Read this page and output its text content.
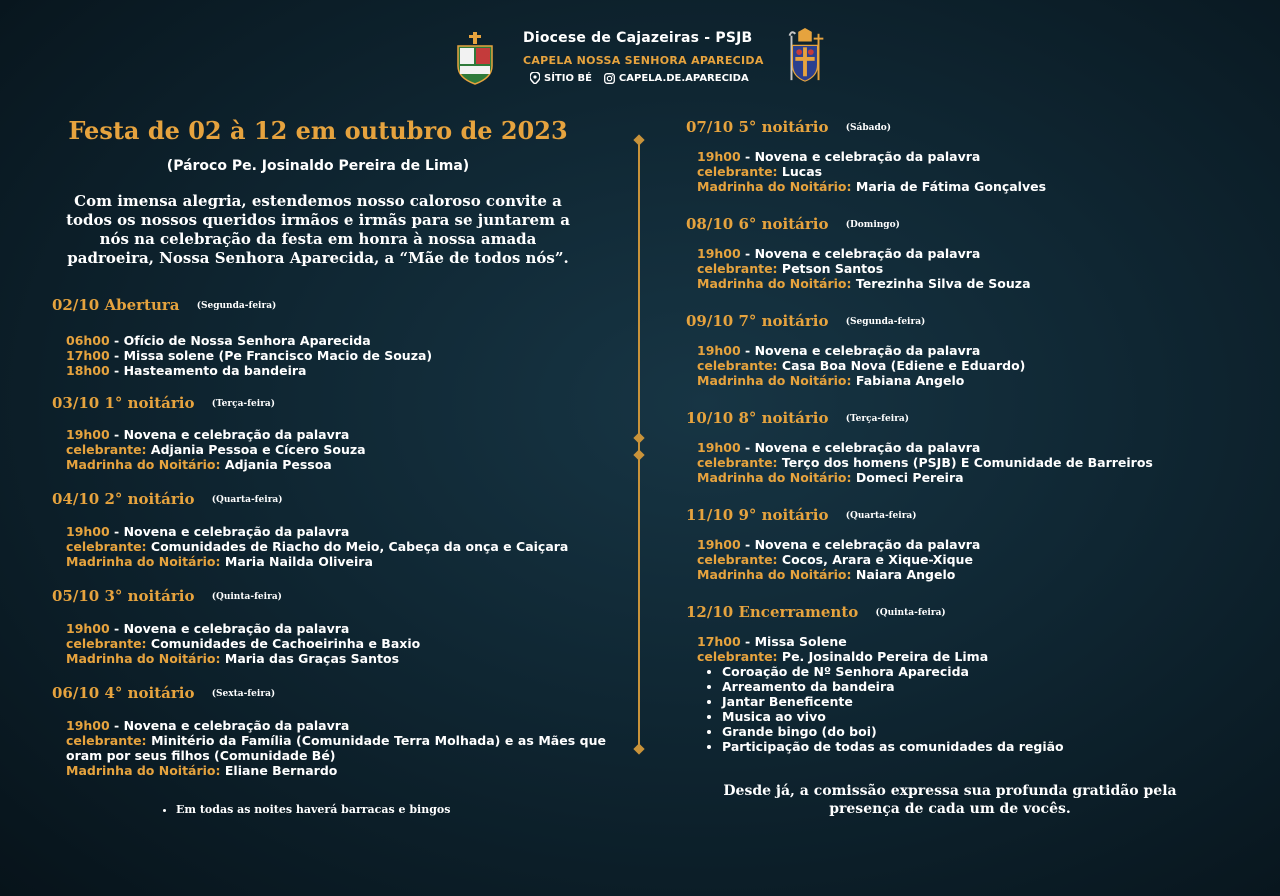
Diocese de Cajazeiras - PSJB
CAPELA NOSSA SENHORA APARECIDA
SÍTIO BÉ	CAPELA.DE.APARECIDA
Festa de 02 à 12 em outubro de 2023
(Pároco Pe. Josinaldo Pereira de Lima)
Com imensa alegria, estendemos nosso caloroso convite a todos os nossos queridos irmãos e irmãs para se juntarem a nós na celebração da festa em honra à nossa amada padroeira, Nossa Senhora Aparecida, a “Mãe de todos nós”.
02/10 Abertura (Segunda-feira)
06h00 - Ofício de Nossa Senhora Aparecida
17h00 - Missa solene (Pe Francisco Macio de Souza)
18h00 - Hasteamento da bandeira
03/10 1° noitário (Terça-feira)
19h00 - Novena e celebração da palavra
celebrante: Adjania Pessoa e Cícero Souza
Madrinha do Noitário: Adjania Pessoa
04/10 2° noitário (Quarta-feira)
19h00 - Novena e celebração da palavra
celebrante: Comunidades de Riacho do Meio, Cabeça da onça e Caiçara
Madrinha do Noitário: Maria Nailda Oliveira
05/10 3° noitário (Quinta-feira)
19h00 - Novena e celebração da palavra
celebrante: Comunidades de Cachoeirinha e Baxio
Madrinha do Noitário: Maria das Graças Santos
06/10 4° noitário (Sexta-feira)
19h00 - Novena e celebração da palavra
celebrante: Minitério da Família (Comunidade Terra Molhada) e as Mães que oram por seus filhos (Comunidade Bé)
Madrinha do Noitário: Eliane Bernardo
• Em todas as noites haverá barracas e bingos
07/10 5° noitário (Sábado)
19h00 - Novena e celebração da palavra
celebrante: Lucas
Madrinha do Noitário: Maria de Fátima Gonçalves
08/10 6° noitário (Domingo)
19h00 - Novena e celebração da palavra
celebrante: Petson Santos
Madrinha do Noitário: Terezinha Silva de Souza
09/10 7° noitário (Segunda-feira)
19h00 - Novena e celebração da palavra
celebrante: Casa Boa Nova (Ediene e Eduardo)
Madrinha do Noitário: Fabiana Angelo
10/10 8° noitário (Terça-feira)
19h00 - Novena e celebração da palavra
celebrante: Terço dos homens (PSJB) E Comunidade de Barreiros
Madrinha do Noitário: Domeci Pereira
11/10 9° noitário (Quarta-feira)
19h00 - Novena e celebração da palavra
celebrante: Cocos, Arara e Xique-Xique
Madrinha do Noitário: Naiara Angelo
12/10 Encerramento (Quinta-feira)
17h00 - Missa Solene
celebrante: Pe. Josinaldo Pereira de Lima
• Coroação de Nº Senhora Aparecida
• Arreamento da bandeira
• Jantar Beneficente
• Musica ao vivo
• Grande bingo (do boi)
• Participação de todas as comunidades da região
Desde já, a comissão expressa sua profunda gratidão pela presença de cada um de vocês.
